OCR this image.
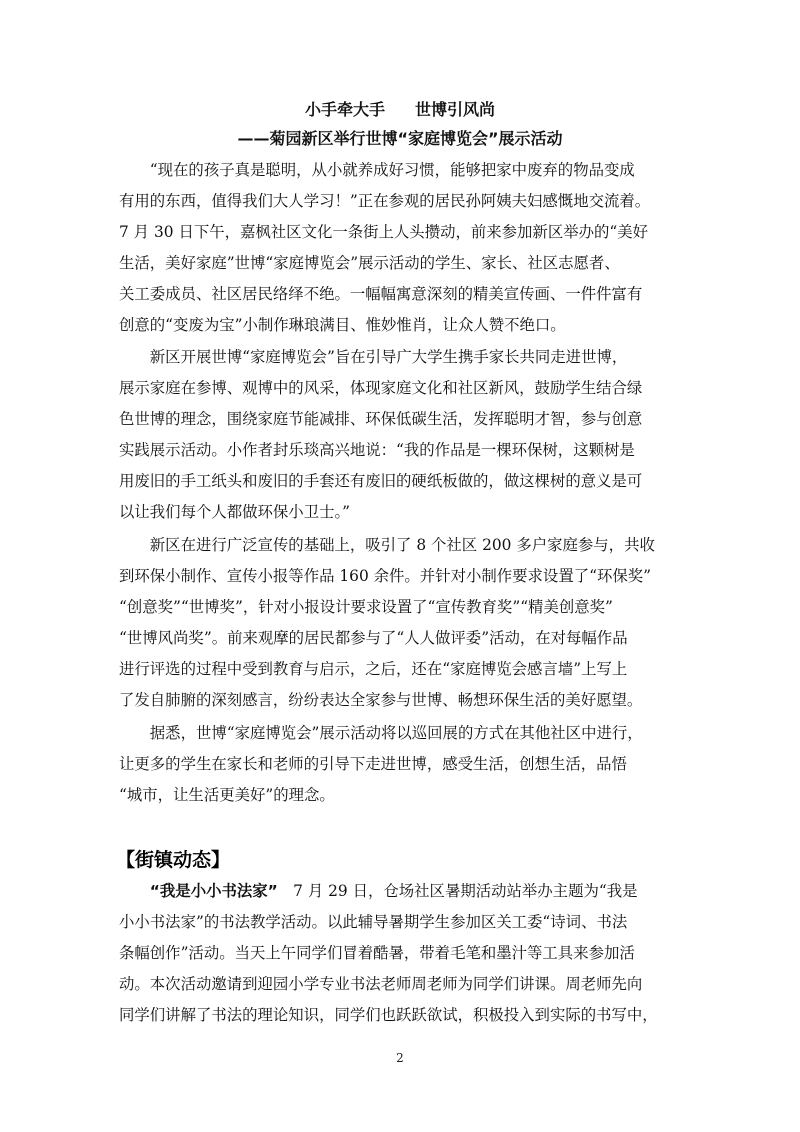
小手牵大手 世博引风尚
——菊园新区举行世博“家庭博览会”展示活动
　　“现在的孩子真是聪明，从小就养成好习惯，能够把家中废弃的物品变成
有用的东西，值得我们大人学习！”正在参观的居民孙阿姨夫妇感慨地交流着。
7 月 30 日下午，嘉枫社区文化一条街上人头攒动，前来参加新区举办的“美好
生活，美好家庭”世博“家庭博览会”展示活动的学生、家长、社区志愿者、
关工委成员、社区居民络绎不绝。一幅幅寓意深刻的精美宣传画、一件件富有
创意的“变废为宝”小制作琳琅满目、惟妙惟肖，让众人赞不绝口。
　　新区开展世博“家庭博览会”旨在引导广大学生携手家长共同走进世博，
展示家庭在参博、观博中的风采，体现家庭文化和社区新风，鼓励学生结合绿
色世博的理念，围绕家庭节能减排、环保低碳生活，发挥聪明才智，参与创意
实践展示活动。小作者封乐琰高兴地说：“我的作品是一棵环保树，这颗树是
用废旧的手工纸头和废旧的手套还有废旧的硬纸板做的，做这棵树的意义是可
以让我们每个人都做环保小卫士。”
　　新区在进行广泛宣传的基础上，吸引了 8 个社区 200 多户家庭参与，共收
到环保小制作、宣传小报等作品 160 余件。并针对小制作要求设置了“环保奖”
“创意奖”“世博奖”，针对小报设计要求设置了“宣传教育奖”“精美创意奖”
“世博风尚奖”。前来观摩的居民都参与了“人人做评委”活动，在对每幅作品
进行评选的过程中受到教育与启示，之后，还在“家庭博览会感言墙”上写上
了发自肺腑的深刻感言，纷纷表达全家参与世博、畅想环保生活的美好愿望。
　　据悉，世博“家庭博览会”展示活动将以巡回展的方式在其他社区中进行，
让更多的学生在家长和老师的引导下走进世博，感受生活，创想生活，品悟
“城市，让生活更美好”的理念。
【街镇动态】
　　“我是小小书法家”　7 月 29 日，仓场社区暑期活动站举办主题为“我是
小小书法家”的书法教学活动。以此辅导暑期学生参加区关工委“诗词、书法
条幅创作”活动。当天上午同学们冒着酷暑，带着毛笔和墨汁等工具来参加活
动。本次活动邀请到迎园小学专业书法老师周老师为同学们讲课。周老师先向
同学们讲解了书法的理论知识，同学们也跃跃欲试，积极投入到实际的书写中，
2
